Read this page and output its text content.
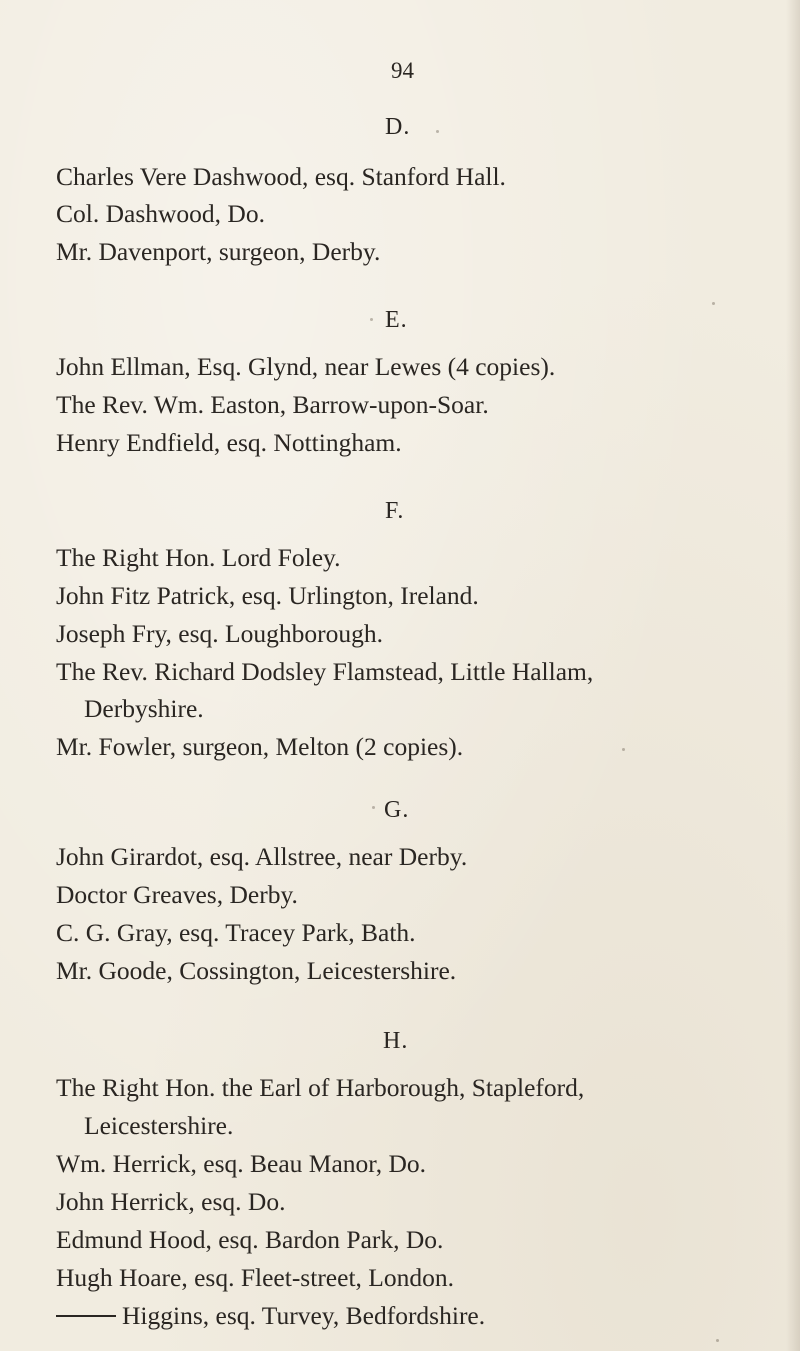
94
D.
Charles Vere Dashwood, esq. Stanford Hall.
Col. Dashwood, Do.
Mr. Davenport, surgeon, Derby.
E.
John Ellman, Esq. Glynd, near Lewes (4 copies).
The Rev. Wm. Easton, Barrow-upon-Soar.
Henry Endfield, esq. Nottingham.
F.
The Right Hon. Lord Foley.
John Fitz Patrick, esq. Urlington, Ireland.
Joseph Fry, esq. Loughborough.
The Rev. Richard Dodsley Flamstead, Little Hallam,
Derbyshire.
Mr. Fowler, surgeon, Melton (2 copies).
G.
John Girardot, esq. Allstree, near Derby.
Doctor Greaves, Derby.
C. G. Gray, esq. Tracey Park, Bath.
Mr. Goode, Cossington, Leicestershire.
H.
The Right Hon. the Earl of Harborough, Stapleford,
Leicestershire.
Wm. Herrick, esq. Beau Manor, Do.
John Herrick, esq. Do.
Edmund Hood, esq. Bardon Park, Do.
Hugh Hoare, esq. Fleet-street, London.
Higgins, esq. Turvey, Bedfordshire.
